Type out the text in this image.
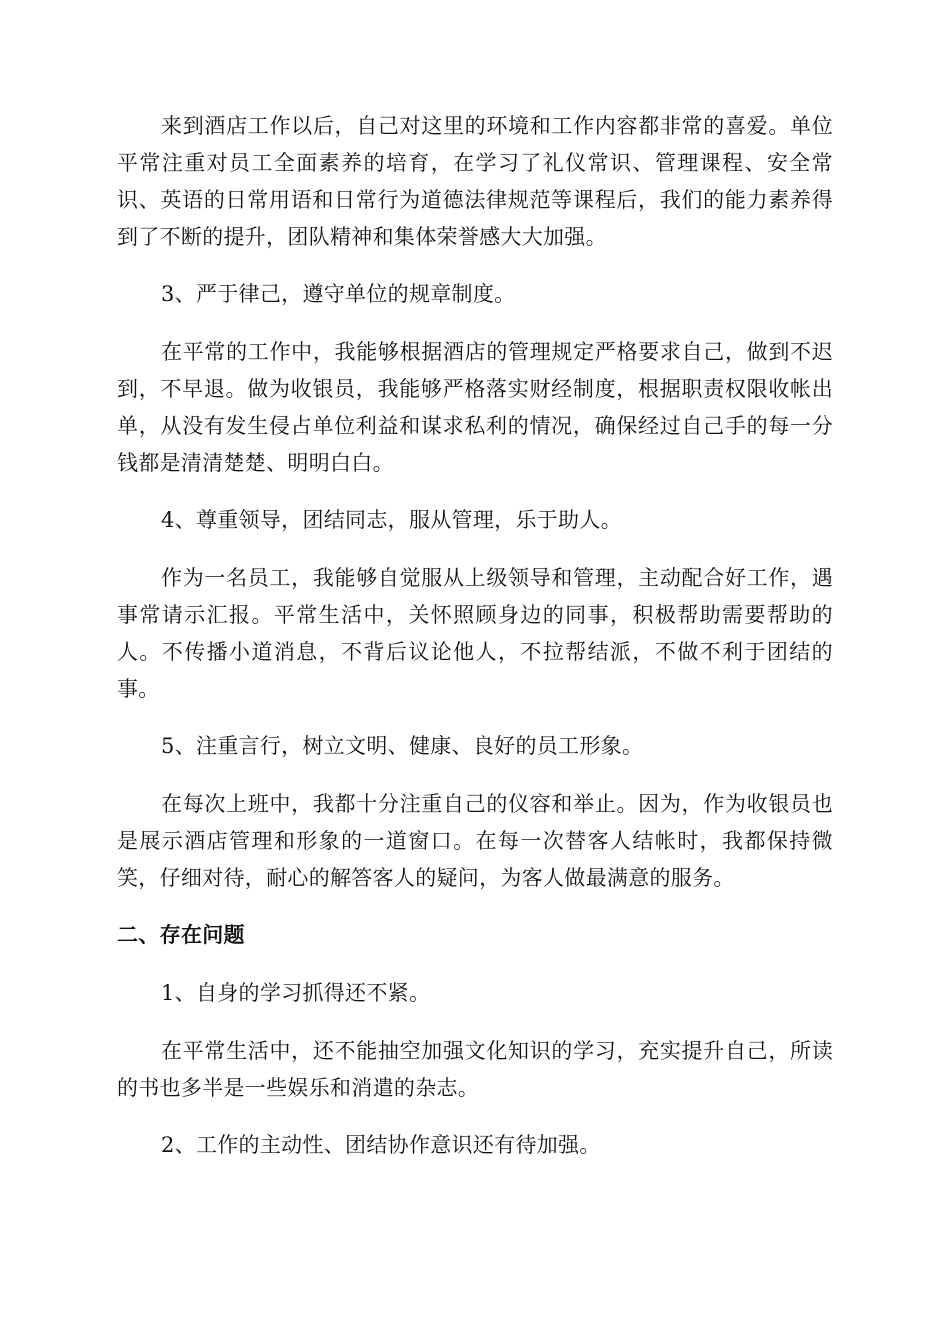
来到酒店工作以后，自己对这里的环境和工作内容都非常的喜爱。单位平常注重对员工全面素养的培育，在学习了礼仪常识、管理课程、安全常识、英语的日常用语和日常行为道德法律规范等课程后，我们的能力素养得到了不断的提升，团队精神和集体荣誉感大大加强。

3、严于律己，遵守单位的规章制度。

在平常的工作中，我能够根据酒店的管理规定严格要求自己，做到不迟到，不早退。做为收银员，我能够严格落实财经制度，根据职责权限收帐出单，从没有发生侵占单位利益和谋求私利的情况，确保经过自己手的每一分钱都是清清楚楚、明明白白。

4、尊重领导，团结同志，服从管理，乐于助人。

作为一名员工，我能够自觉服从上级领导和管理，主动配合好工作，遇事常请示汇报。平常生活中，关怀照顾身边的同事，积极帮助需要帮助的人。不传播小道消息，不背后议论他人，不拉帮结派，不做不利于团结的事。

5、注重言行，树立文明、健康、良好的员工形象。

在每次上班中，我都十分注重自己的仪容和举止。因为，作为收银员也是展示酒店管理和形象的一道窗口。在每一次替客人结帐时，我都保持微笑，仔细对待，耐心的解答客人的疑问，为客人做最满意的服务。

二、存在问题

1、自身的学习抓得还不紧。

在平常生活中，还不能抽空加强文化知识的学习，充实提升自己，所读的书也多半是一些娱乐和消遣的杂志。

2、工作的主动性、团结协作意识还有待加强。
